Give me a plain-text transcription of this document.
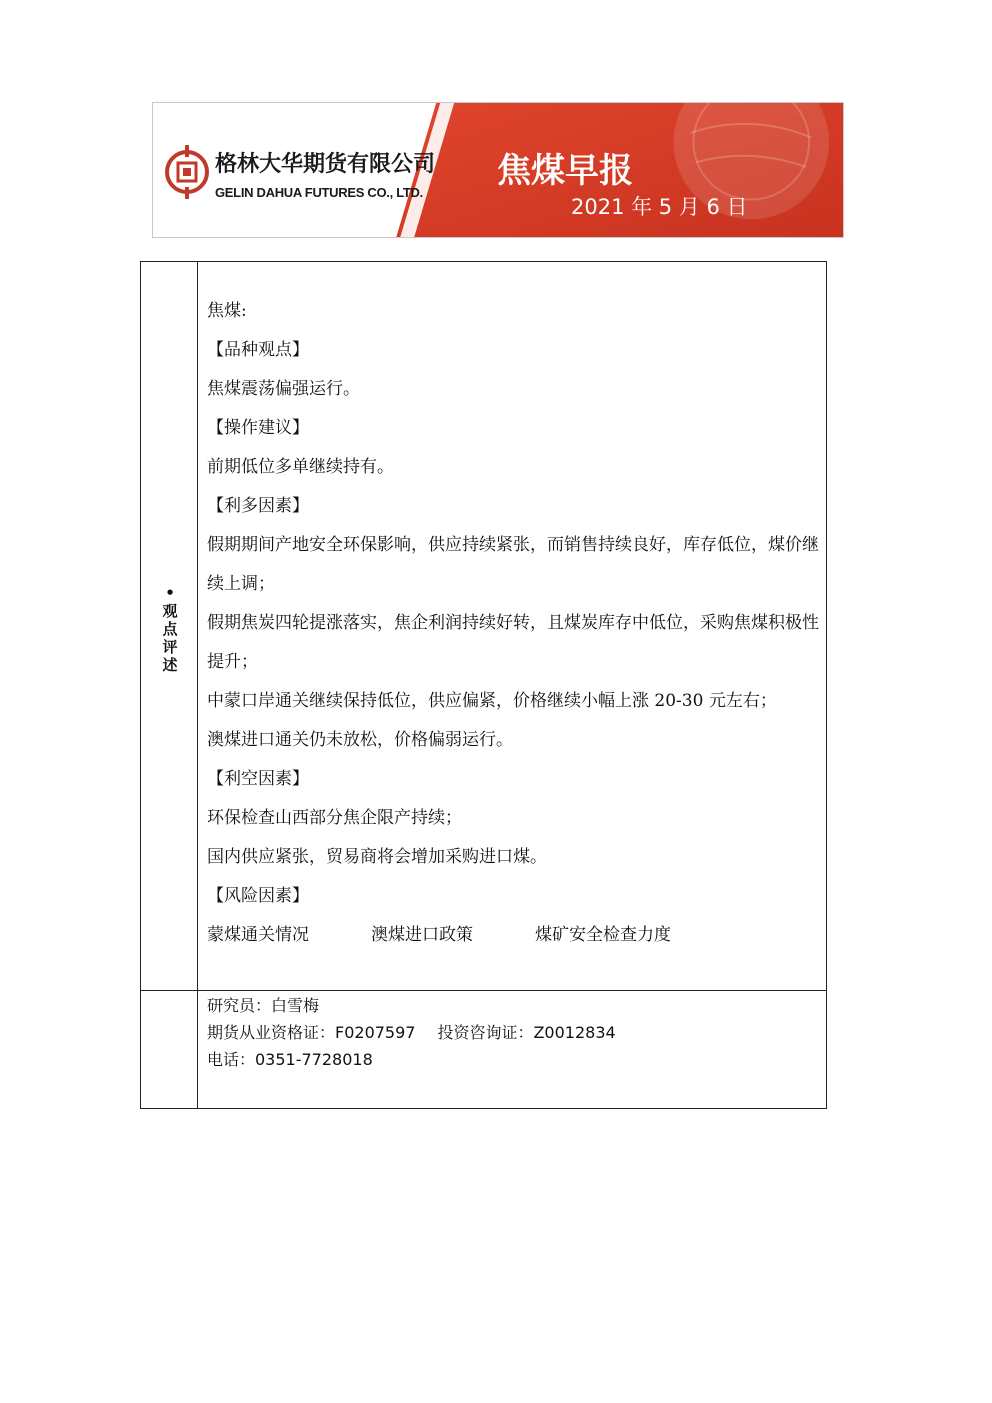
格林大华期货有限公司
GELIN DAHUA FUTURES CO., LTD.
焦煤早报
2021 年 5 月 6 日
•观点评述

焦煤:

【品种观点】

焦煤震荡偏强运行。

【操作建议】

前期低位多单继续持有。

【利多因素】

假期期间产地安全环保影响，供应持续紧张，而销售持续良好，库存低位，煤价继续上调；

假期焦炭四轮提涨落实，焦企利润持续好转，且煤炭库存中低位，采购焦煤积极性提升；

中蒙口岸通关继续保持低位，供应偏紧，价格继续小幅上涨 20-30 元左右；

澳煤进口通关仍未放松，价格偏弱运行。

【利空因素】

环保检查山西部分焦企限产持续；

国内供应紧张，贸易商将会增加采购进口煤。

【风险因素】

蒙煤通关情况	澳煤进口政策	煤矿安全检查力度

研究员：白雪梅

期货从业资格证：F0207597 投资咨询证：Z0012834

电话：0351-7728018
